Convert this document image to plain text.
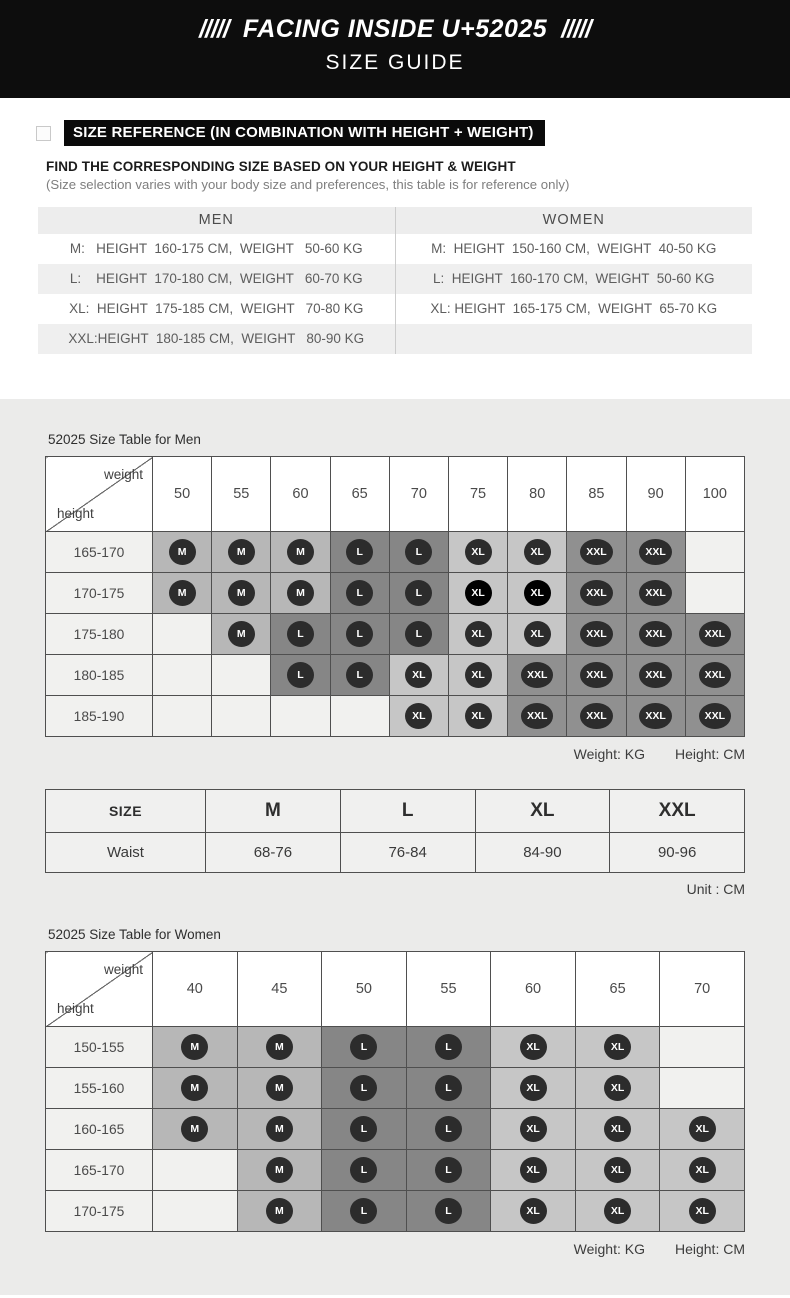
///// FACING INSIDE U+52025 /////
SIZE GUIDE
SIZE REFERENCE (IN COMBINATION WITH HEIGHT + WEIGHT)
FIND THE CORRESPONDING SIZE BASED ON YOUR HEIGHT & WEIGHT
(Size selection varies with your body size and preferences, this table is for reference only)
MEN	WOMEN
M:   HEIGHT  160-175 CM,  WEIGHT   50-60 KG	M:  HEIGHT  150-160 CM,  WEIGHT  40-50 KG
L:    HEIGHT  170-180 CM,  WEIGHT   60-70 KG	L:  HEIGHT  160-170 CM,  WEIGHT  50-60 KG
XL:  HEIGHT  175-185 CM,  WEIGHT   70-80 KG	XL: HEIGHT  165-175 CM,  WEIGHT  65-70 KG
XXL:HEIGHT  180-185 CM,  WEIGHT   80-90 KG
52025 Size Table for Men
weight
height	50	55	60	65	70	75	80	85	90	100
165-170	M	M	M	L	L	XL	XL	XXL	XXL	
170-175	M	M	M	L	L	XL	XL	XXL	XXL	
175-180		M	L	L	L	XL	XL	XXL	XXL	XXL
180-185			L	L	XL	XL	XXL	XXL	XXL	XXL
185-190					XL	XL	XXL	XXL	XXL	XXL
Weight: KG Height: CM
SIZE	M	L	XL	XXL
Waist	68-76	76-84	84-90	90-96
Unit : CM
52025 Size Table for Women
weight
height	40	45	50	55	60	65	70
150-155	M	M	L	L	XL	XL	
155-160	M	M	L	L	XL	XL	
160-165	M	M	L	L	XL	XL	XL
165-170		M	L	L	XL	XL	XL
170-175		M	L	L	XL	XL	XL
Weight: KG Height: CM
